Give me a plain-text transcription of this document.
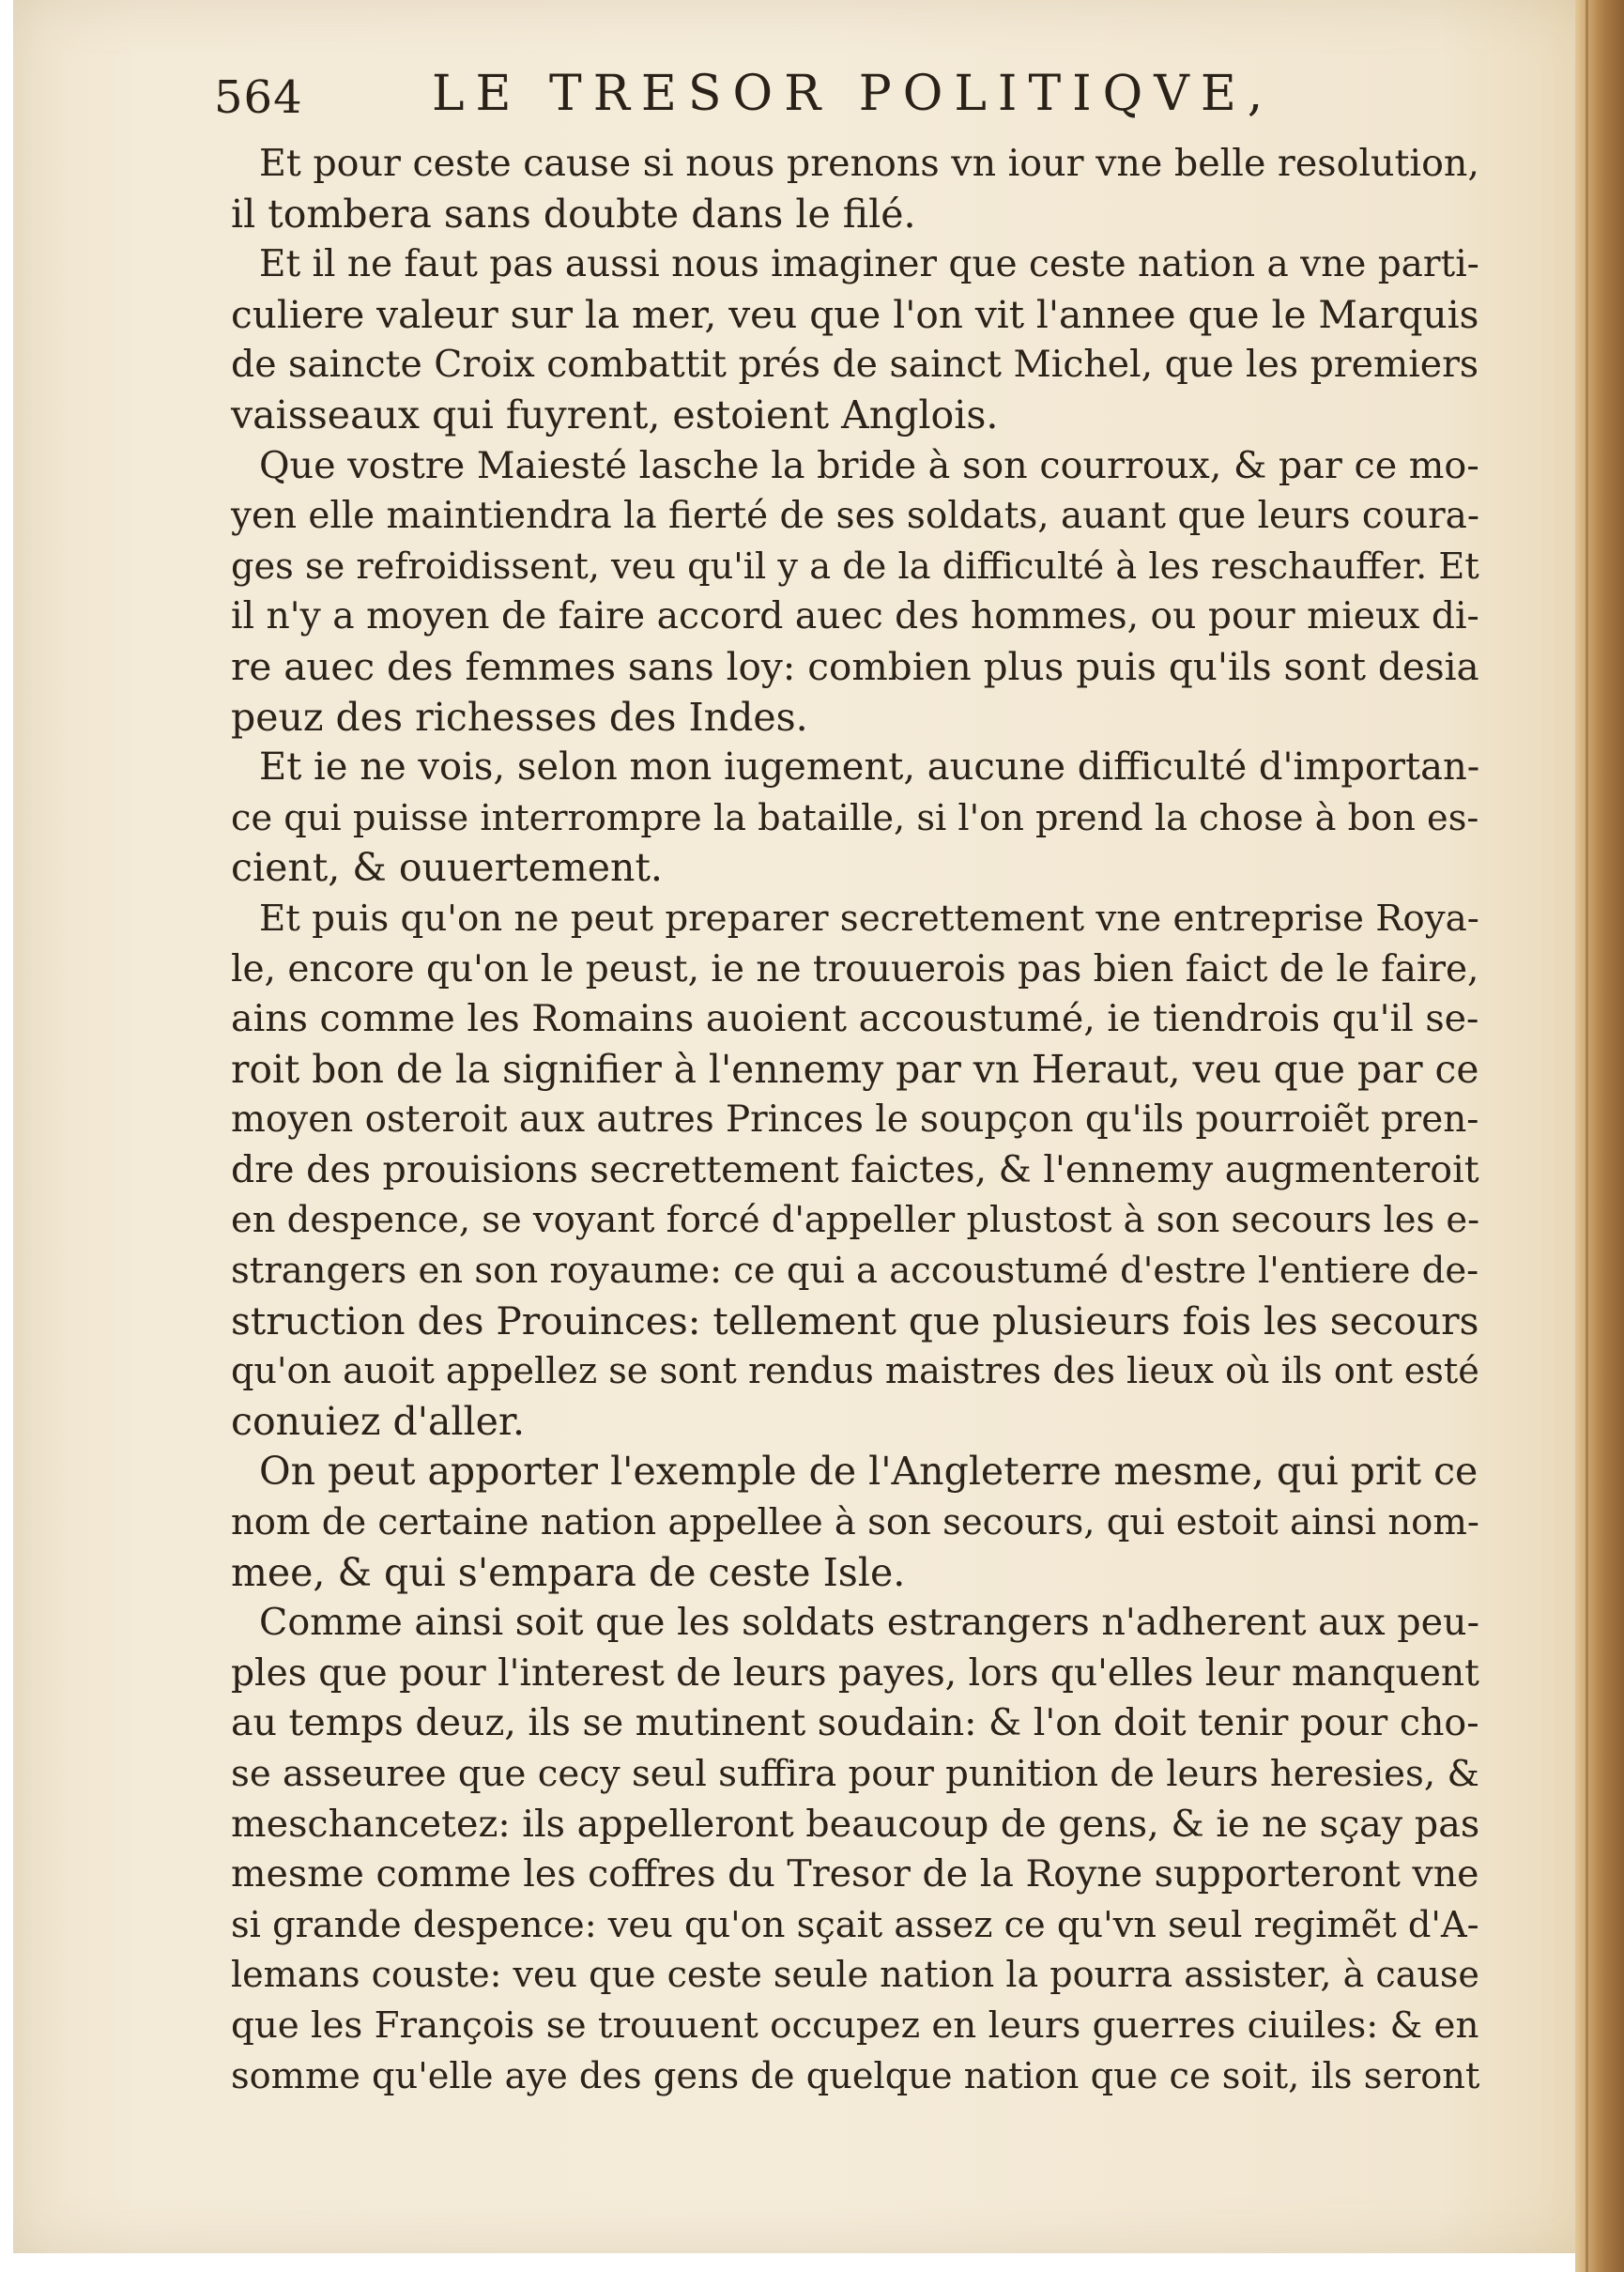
564	LE TRESOR POLITIQVE,
Et pour ceste cause si nous prenons vn iour vne belle resolution,
il tombera sans doubte dans le filé.
Et il ne faut pas aussi nous imaginer que ceste nation a vne parti-
culiere valeur sur la mer, veu que l'on vit l'annee que le Marquis
de saincte Croix combattit prés de sainct Michel, que les premiers
vaisseaux qui fuyrent, estoient Anglois.
Que vostre Maiesté lasche la bride à son courroux, & par ce mo-
yen elle maintiendra la fierté de ses soldats, auant que leurs coura-
ges se refroidissent, veu qu'il y a de la difficulté à les reschauffer. Et
il n'y a moyen de faire accord auec des hommes, ou pour mieux di-
re auec des femmes sans loy: combien plus puis qu'ils sont desia
peuz des richesses des Indes.
Et ie ne vois, selon mon iugement, aucune difficulté d'importan-
ce qui puisse interrompre la bataille, si l'on prend la chose à bon es-
cient, & ouuertement.
Et puis qu'on ne peut preparer secrettement vne entreprise Roya-
le, encore qu'on le peust, ie ne trouuerois pas bien faict de le faire,
ains comme les Romains auoient accoustumé, ie tiendrois qu'il se-
roit bon de la signifier à l'ennemy par vn Heraut, veu que par ce
moyen osteroit aux autres Princes le soupçon qu'ils pourroiẽt pren-
dre des prouisions secrettement faictes, & l'ennemy augmenteroit
en despence, se voyant forcé d'appeller plustost à son secours les e-
strangers en son royaume: ce qui a accoustumé d'estre l'entiere de-
struction des Prouinces: tellement que plusieurs fois les secours
qu'on auoit appellez se sont rendus maistres des lieux où ils ont esté
conuiez d'aller.
On peut apporter l'exemple de l'Angleterre mesme, qui prit ce
nom de certaine nation appellee à son secours, qui estoit ainsi nom-
mee, & qui s'empara de ceste Isle.
Comme ainsi soit que les soldats estrangers n'adherent aux peu-
ples que pour l'interest de leurs payes, lors qu'elles leur manquent
au temps deuz, ils se mutinent soudain: & l'on doit tenir pour cho-
se asseuree que cecy seul suffira pour punition de leurs heresies, &
meschancetez: ils appelleront beaucoup de gens, & ie ne sçay pas
mesme comme les coffres du Tresor de la Royne supporteront vne
si grande despence: veu qu'on sçait assez ce qu'vn seul regimẽt d'A-
lemans couste: veu que ceste seule nation la pourra assister, à cause
que les François se trouuent occupez en leurs guerres ciuiles: & en
somme qu'elle aye des gens de quelque nation que ce soit, ils seront
